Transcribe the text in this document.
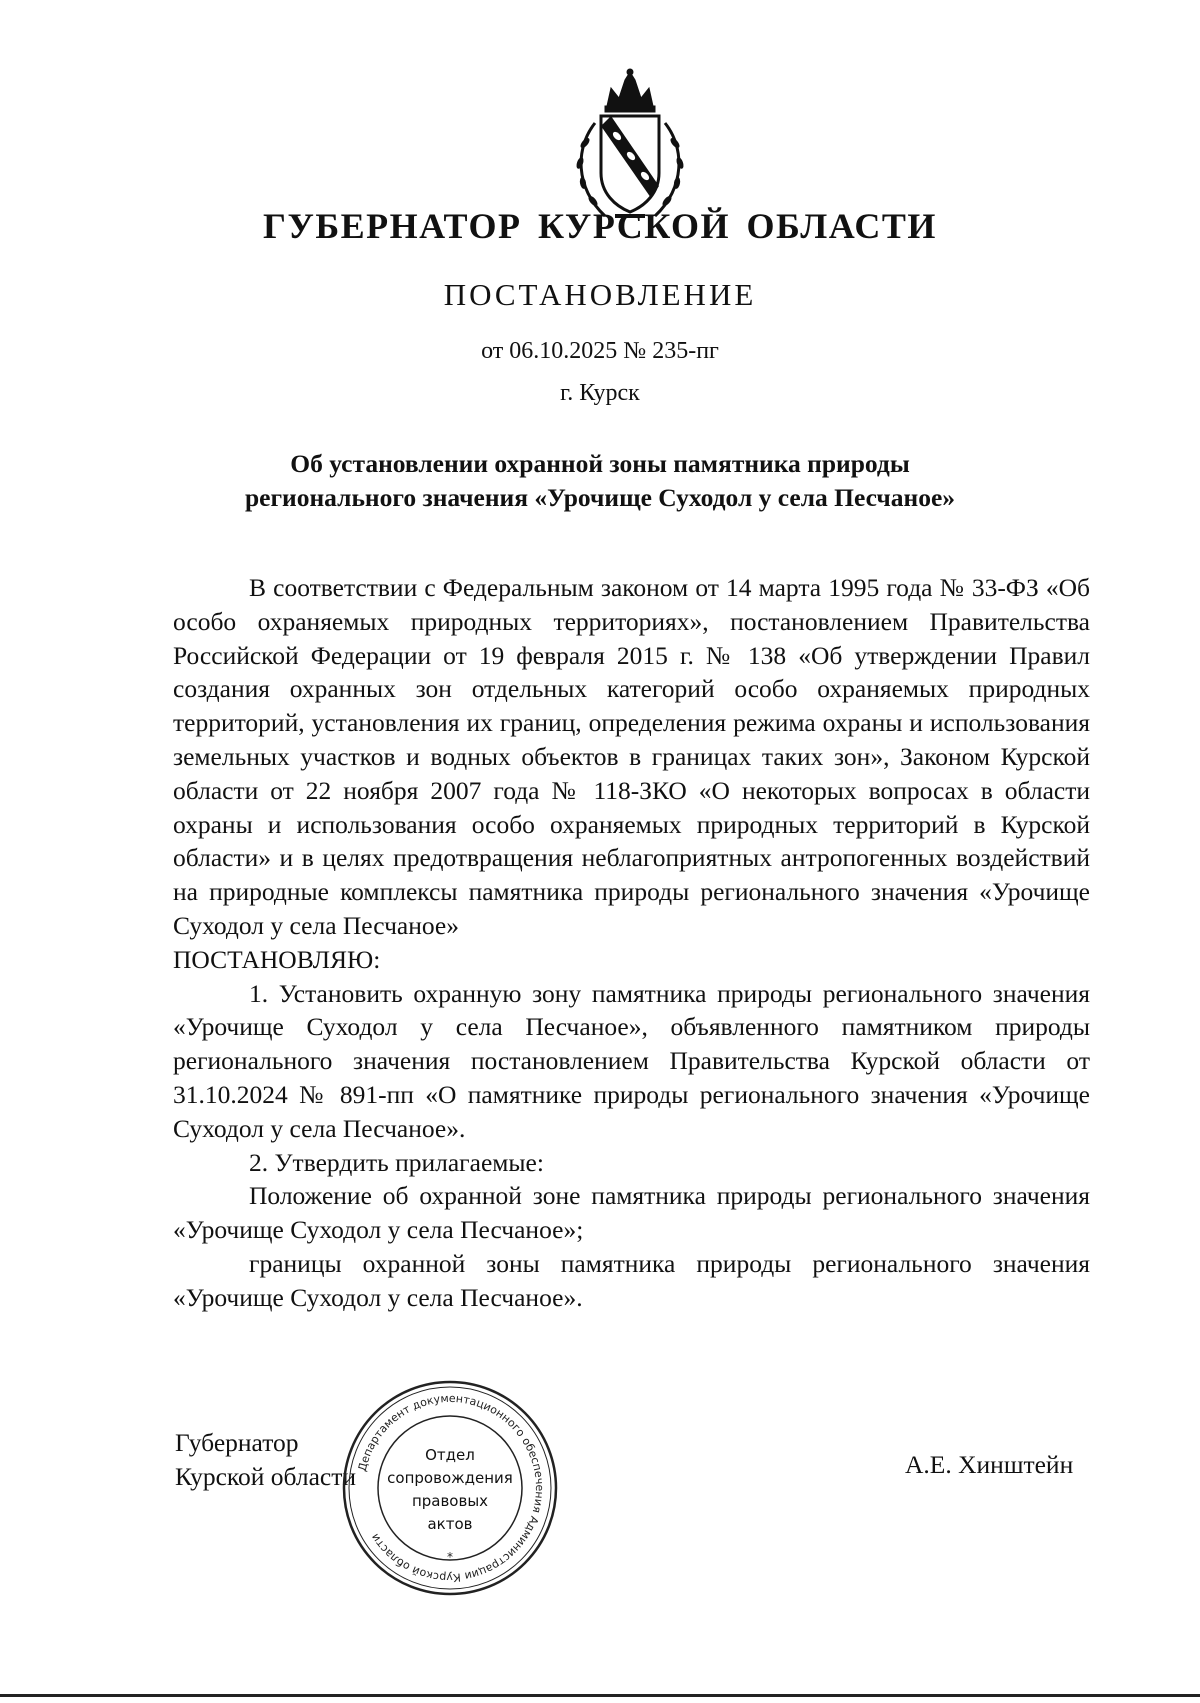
ГУБЕРНАТОР КУРСКОЙ ОБЛАСТИ
ПОСТАНОВЛЕНИЕ
от 06.10.2025 № 235-пг
г. Курск
Об установлении охранной зоны памятника природы
регионального значения «Урочище Суходол у села Песчаное»

В соответствии с Федеральным законом от 14 марта 1995 года № 33-ФЗ «Об особо охраняемых природных территориях», постановлением Правительства Российской Федерации от 19 февраля 2015 г. № 138 «Об утверждении Правил создания охранных зон отдельных категорий особо охраняемых природных территорий, установления их границ, определения режима охраны и использования земельных участков и водных объектов в границах таких зон», Законом Курской области от 22 ноября 2007 года № 118-ЗКО «О некоторых вопросах в области охраны и использования особо охраняемых природных территорий в Курской области» и в целях предотвращения неблагоприятных антропогенных воздействий на природные комплексы памятника природы регионального значения «Урочище Суходол у села Песчаное»

ПОСТАНОВЛЯЮ:

1. Установить охранную зону памятника природы регионального значения «Урочище Суходол у села Песчаное», объявленного памятником природы регионального значения постановлением Правительства Курской области от 31.10.2024 № 891-пп «О памятнике природы регионального значения «Урочище Суходол у села Песчаное».

2. Утвердить прилагаемые:

Положение об охранной зоне памятника природы регионального значения «Урочище Суходол у села Песчаное»;

границы охранной зоны памятника природы регионального значения «Урочище Суходол у села Песчаное».

Губернатор
Курской области	А.Е. Хинштейн
Департамент документационного обеспечения Администрации Курской области
*
Отдел
сопровождения
правовых
актов
